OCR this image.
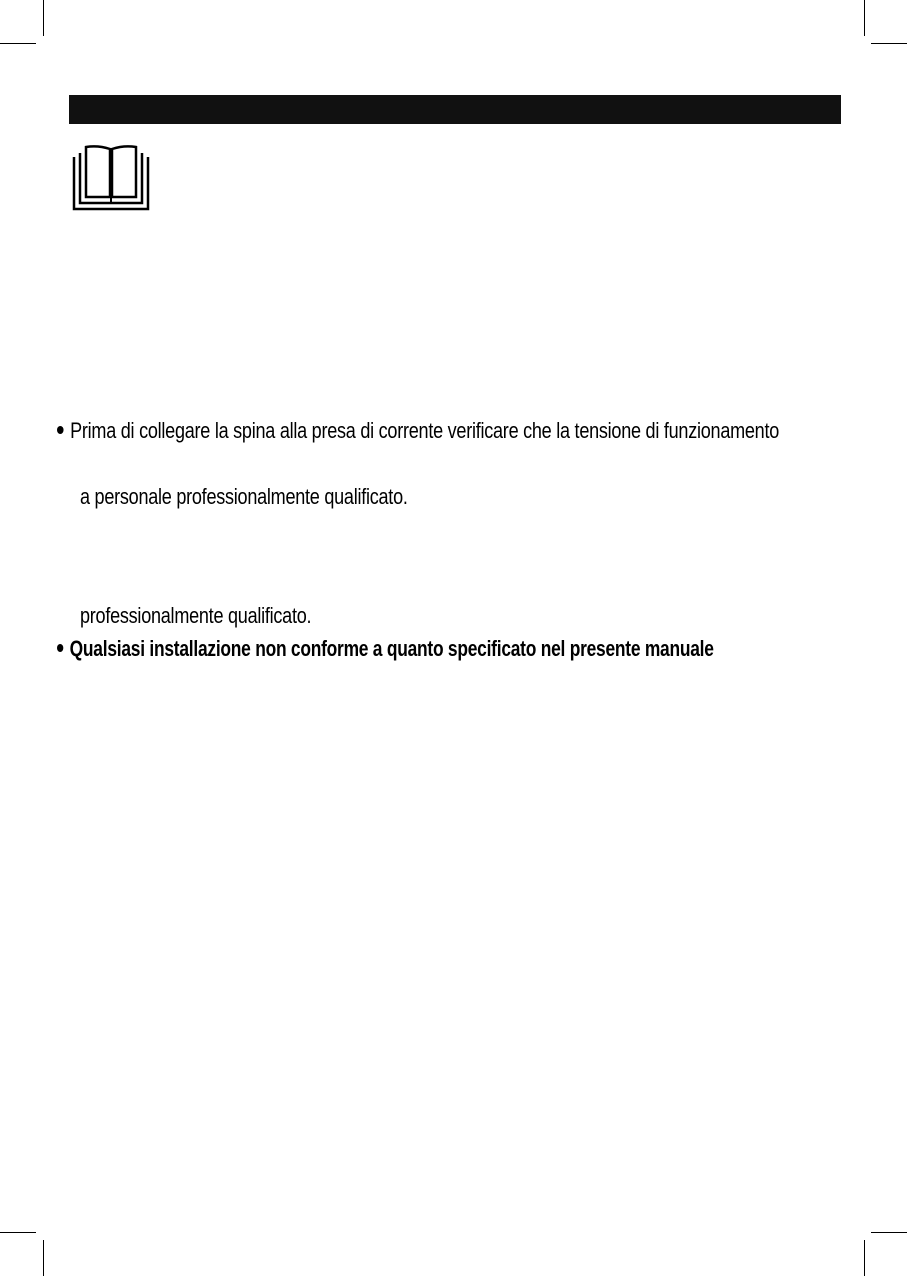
Prima di collegare la spina alla presa di corrente verificare che la tensione di funzionamento
a personale professionalmente qualificato.
professionalmente qualificato.
Qualsiasi installazione non conforme a quanto specificato nel presente manuale
